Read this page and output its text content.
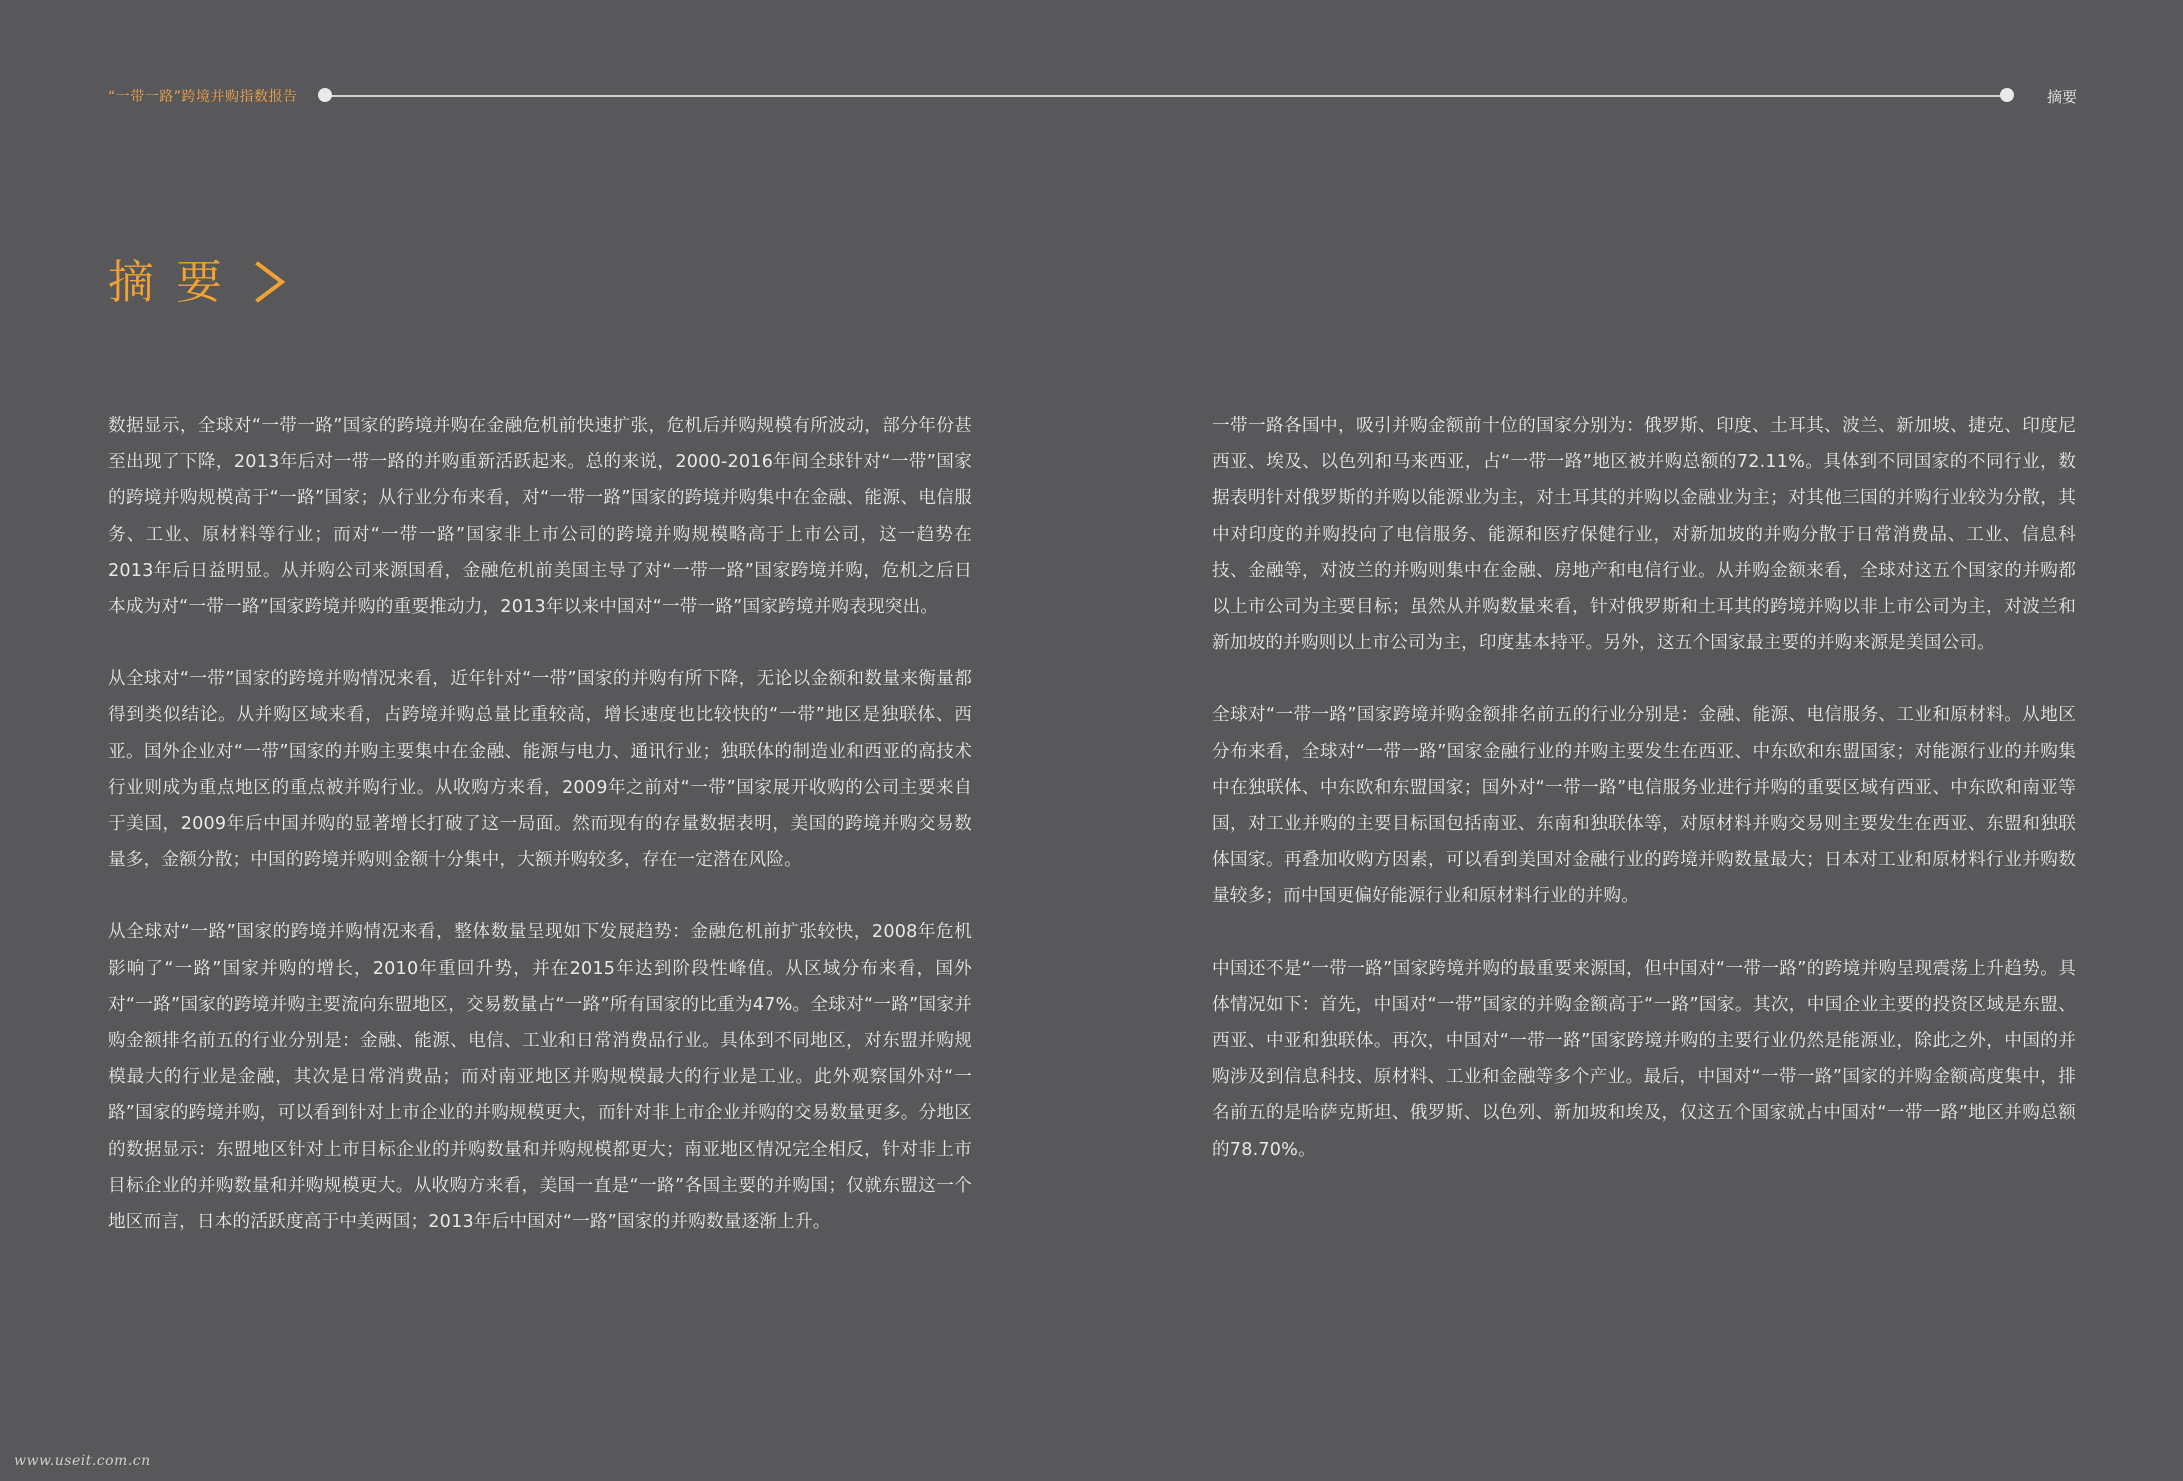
“一带一路”跨境并购指数报告	摘要
摘要

数据显示，全球对“一带一路”国家的跨境并购在金融危机前快速扩张，危机后并购规模有所波动，部分年份甚至出现了下降，2013年后对一带一路的并购重新活跃起来。总的来说，2000-2016年间全球针对“一带”国家的跨境并购规模高于“一路”国家；从行业分布来看，对“一带一路”国家的跨境并购集中在金融、能源、电信服务、工业、原材料等行业；而对“一带一路”国家非上市公司的跨境并购规模略高于上市公司，这一趋势在2013年后日益明显。从并购公司来源国看，金融危机前美国主导了对“一带一路”国家跨境并购，危机之后日本成为对“一带一路”国家跨境并购的重要推动力，2013年以来中国对“一带一路”国家跨境并购表现突出。

从全球对“一带”国家的跨境并购情况来看，近年针对“一带”国家的并购有所下降，无论以金额和数量来衡量都得到类似结论。从并购区域来看，占跨境并购总量比重较高，增长速度也比较快的“一带”地区是独联体、西亚。国外企业对“一带”国家的并购主要集中在金融、能源与电力、通讯行业；独联体的制造业和西亚的高技术行业则成为重点地区的重点被并购行业。从收购方来看，2009年之前对“一带”国家展开收购的公司主要来自于美国，2009年后中国并购的显著增长打破了这一局面。然而现有的存量数据表明，美国的跨境并购交易数量多，金额分散；中国的跨境并购则金额十分集中，大额并购较多，存在一定潜在风险。

从全球对“一路”国家的跨境并购情况来看，整体数量呈现如下发展趋势：金融危机前扩张较快，2008年危机影响了“一路”国家并购的增长，2010年重回升势，并在2015年达到阶段性峰值。从区域分布来看，国外对“一路”国家的跨境并购主要流向东盟地区，交易数量占“一路”所有国家的比重为47%。全球对“一路”国家并购金额排名前五的行业分别是：金融、能源、电信、工业和日常消费品行业。具体到不同地区，对东盟并购规模最大的行业是金融，其次是日常消费品；而对南亚地区并购规模最大的行业是工业。此外观察国外对“一路”国家的跨境并购，可以看到针对上市企业的并购规模更大，而针对非上市企业并购的交易数量更多。分地区的数据显示：东盟地区针对上市目标企业的并购数量和并购规模都更大；南亚地区情况完全相反，针对非上市目标企业的并购数量和并购规模更大。从收购方来看，美国一直是“一路”各国主要的并购国；仅就东盟这一个地区而言，日本的活跃度高于中美两国；2013年后中国对“一路”国家的并购数量逐渐上升。

一带一路各国中，吸引并购金额前十位的国家分别为：俄罗斯、印度、土耳其、波兰、新加坡、捷克、印度尼西亚、埃及、以色列和马来西亚，占“一带一路”地区被并购总额的72.11%。具体到不同国家的不同行业，数据表明针对俄罗斯的并购以能源业为主，对土耳其的并购以金融业为主；对其他三国的并购行业较为分散，其中对印度的并购投向了电信服务、能源和医疗保健行业，对新加坡的并购分散于日常消费品、工业、信息科技、金融等，对波兰的并购则集中在金融、房地产和电信行业。从并购金额来看，全球对这五个国家的并购都以上市公司为主要目标；虽然从并购数量来看，针对俄罗斯和土耳其的跨境并购以非上市公司为主，对波兰和新加坡的并购则以上市公司为主，印度基本持平。另外，这五个国家最主要的并购来源是美国公司。

全球对“一带一路”国家跨境并购金额排名前五的行业分别是：金融、能源、电信服务、工业和原材料。从地区分布来看，全球对“一带一路”国家金融行业的并购主要发生在西亚、中东欧和东盟国家；对能源行业的并购集中在独联体、中东欧和东盟国家；国外对“一带一路”电信服务业进行并购的重要区域有西亚、中东欧和南亚等国，对工业并购的主要目标国包括南亚、东南和独联体等，对原材料并购交易则主要发生在西亚、东盟和独联体国家。再叠加收购方因素，可以看到美国对金融行业的跨境并购数量最大；日本对工业和原材料行业并购数量较多；而中国更偏好能源行业和原材料行业的并购。

中国还不是“一带一路”国家跨境并购的最重要来源国，但中国对“一带一路”的跨境并购呈现震荡上升趋势。具体情况如下：首先，中国对“一带”国家的并购金额高于“一路”国家。其次，中国企业主要的投资区域是东盟、西亚、中亚和独联体。再次，中国对“一带一路”国家跨境并购的主要行业仍然是能源业，除此之外，中国的并购涉及到信息科技、原材料、工业和金融等多个产业。最后，中国对“一带一路”国家的并购金额高度集中，排名前五的是哈萨克斯坦、俄罗斯、以色列、新加坡和埃及，仅这五个国家就占中国对“一带一路”地区并购总额的78.70%。

www.useit.com.cn
